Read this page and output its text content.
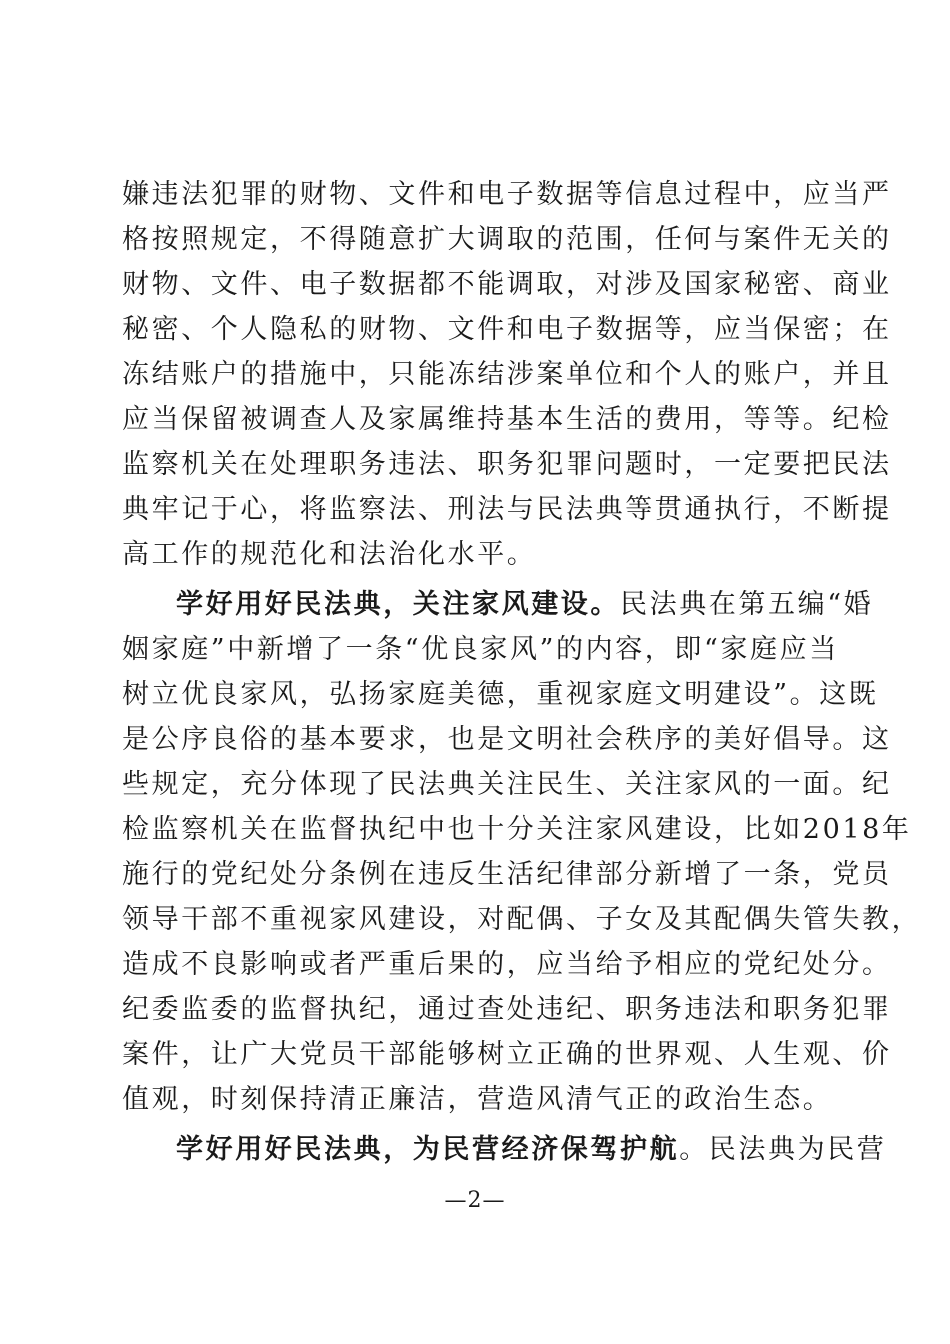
嫌违法犯罪的财物、文件和电子数据等信息过程中，应当严
格按照规定，不得随意扩大调取的范围，任何与案件无关的
财物、文件、电子数据都不能调取，对涉及国家秘密、商业
秘密、个人隐私的财物、文件和电子数据等，应当保密；在
冻结账户的措施中，只能冻结涉案单位和个人的账户，并且
应当保留被调查人及家属维持基本生活的费用，等等。纪检
监察机关在处理职务违法、职务犯罪问题时，一定要把民法
典牢记于心，将监察法、刑法与民法典等贯通执行，不断提
高工作的规范化和法治化水平。
学好用好民法典，关注家风建设。民法典在第五编“婚
姻家庭”中新增了一条“优良家风”的内容，即“家庭应当
树立优良家风，弘扬家庭美德，重视家庭文明建设”。这既
是公序良俗的基本要求，也是文明社会秩序的美好倡导。这
些规定，充分体现了民法典关注民生、关注家风的一面。纪
检监察机关在监督执纪中也十分关注家风建设，比如2018年
施行的党纪处分条例在违反生活纪律部分新增了一条，党员
领导干部不重视家风建设，对配偶、子女及其配偶失管失教，
造成不良影响或者严重后果的，应当给予相应的党纪处分。
纪委监委的监督执纪，通过查处违纪、职务违法和职务犯罪
案件，让广大党员干部能够树立正确的世界观、人生观、价
值观，时刻保持清正廉洁，营造风清气正的政治生态。
学好用好民法典，为民营经济保驾护航。民法典为民营
—2—
